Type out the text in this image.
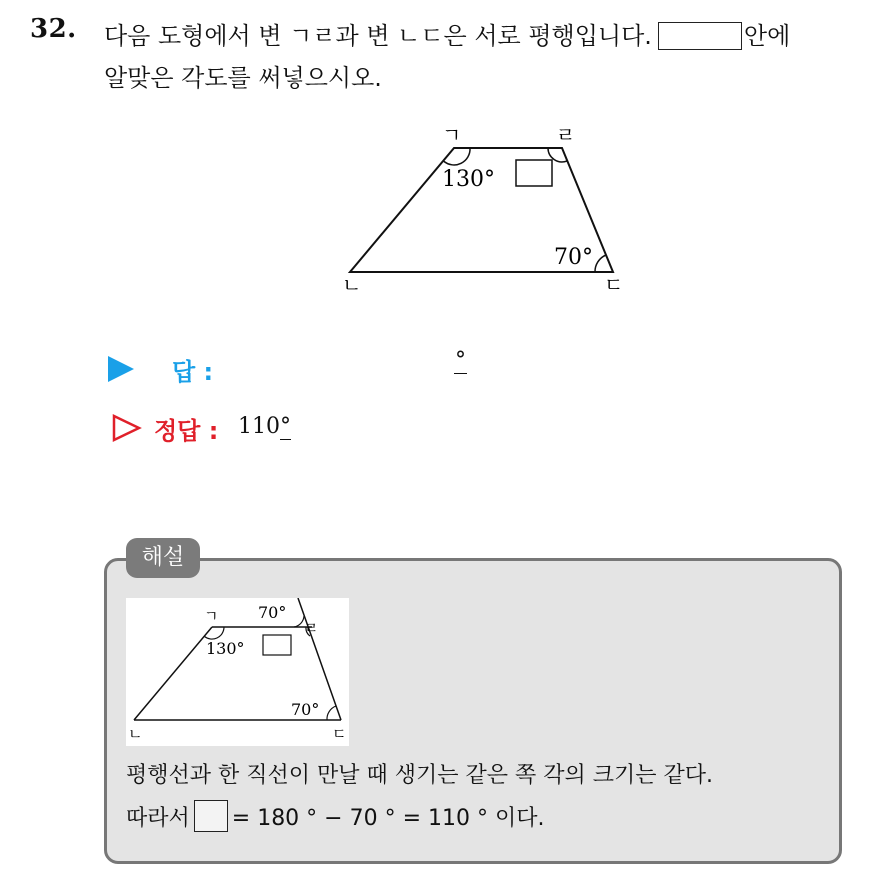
32. 다음 도형에서 변 ㄱㄹ과 변 ㄴㄷ은 서로 평행입니다.	안에
알맞은 각도를 써넣으시오.
ㄱ	ㄹ
ㄴ	ㄷ
130°
70°
답 :	°
정답 : 110°
해설
ㄱ
ㄹ
ㄴ	ㄷ
70°
130°
70°
평행선과 한 직선이 만날 때 생기는 같은 쪽 각의 크기는 같다.
따라서 = 180 ° − 70 ° = 110 ° 이다.
